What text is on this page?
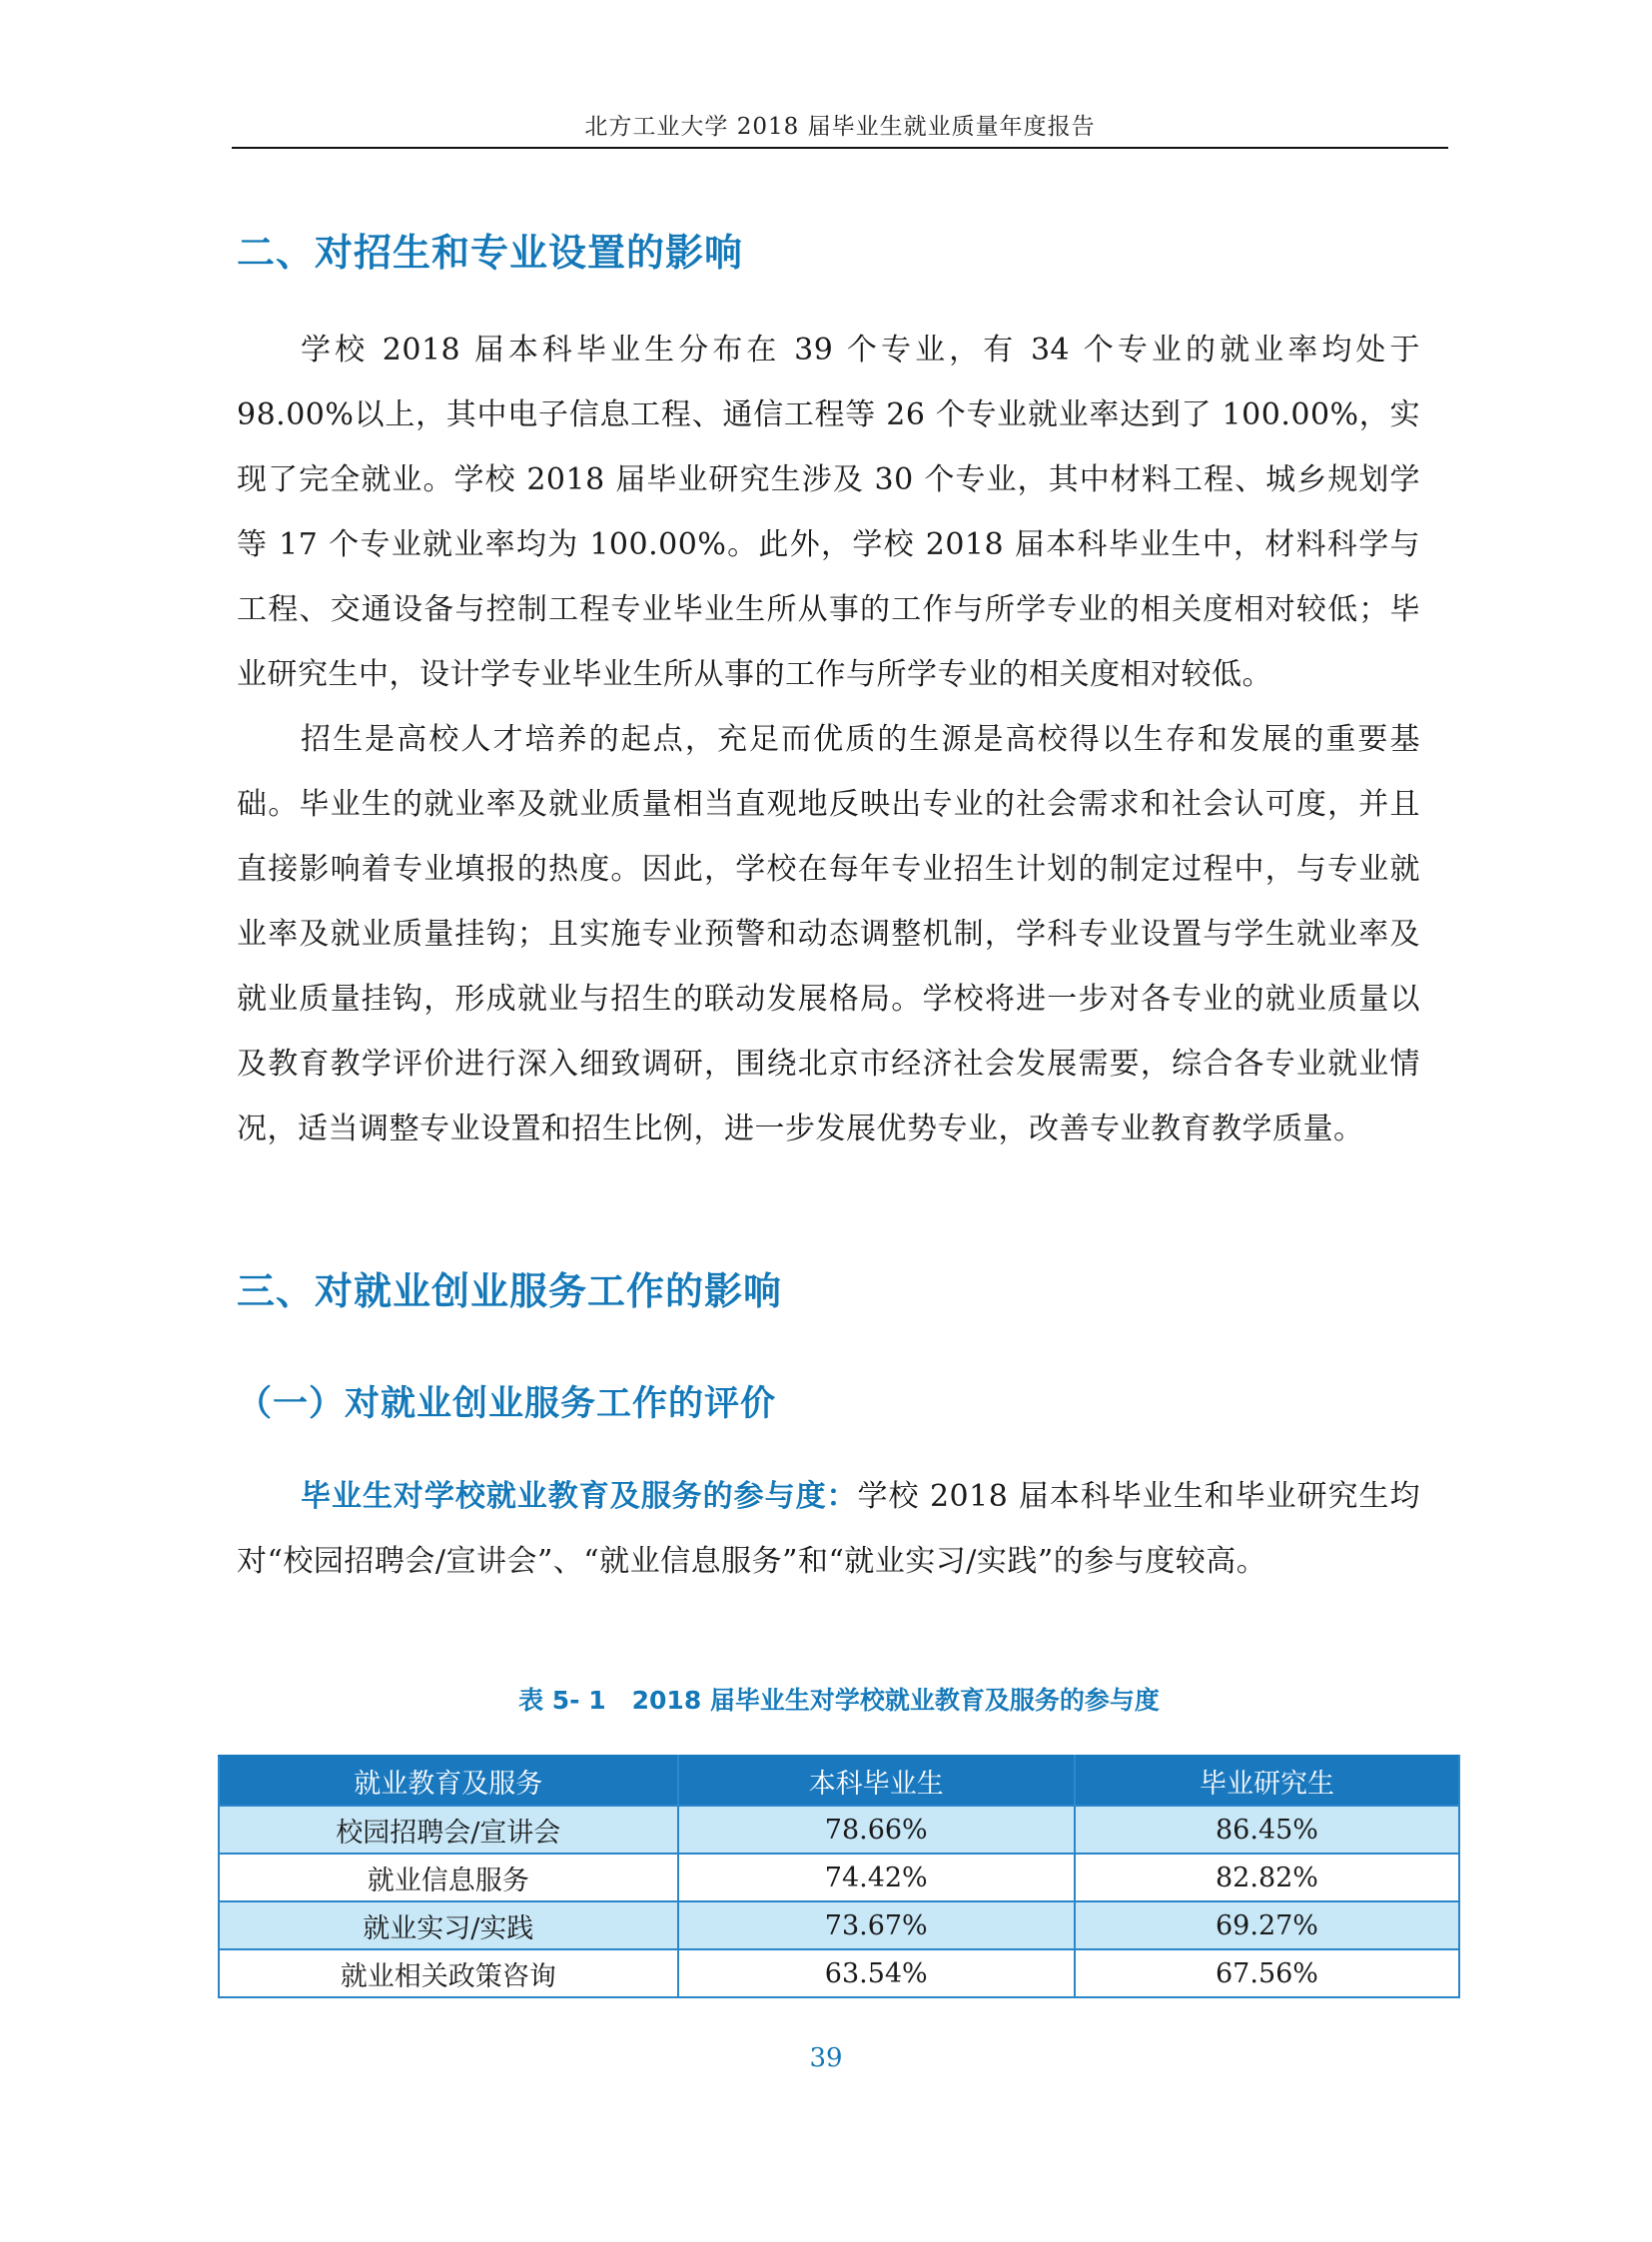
北方工业大学 2018 届毕业生就业质量年度报告
二、对招生和专业设置的影响

学校 2018 届本科毕业生分布在 39 个专业，有 34 个专业的就业率均处于 98.00%以上，其中电子信息工程、通信工程等 26 个专业就业率达到了 100.00%，实现了完全就业。学校 2018 届毕业研究生涉及 30 个专业，其中材料工程、城乡规划学等 17 个专业就业率均为 100.00%。此外，学校 2018 届本科毕业生中，材料科学与工程、交通设备与控制工程专业毕业生所从事的工作与所学专业的相关度相对较低；毕业研究生中，设计学专业毕业生所从事的工作与所学专业的相关度相对较低。

招生是高校人才培养的起点，充足而优质的生源是高校得以生存和发展的重要基础。毕业生的就业率及就业质量相当直观地反映出专业的社会需求和社会认可度，并且直接影响着专业填报的热度。因此，学校在每年专业招生计划的制定过程中，与专业就业率及就业质量挂钩；且实施专业预警和动态调整机制，学科专业设置与学生就业率及就业质量挂钩，形成就业与招生的联动发展格局。学校将进一步对各专业的就业质量以及教育教学评价进行深入细致调研，围绕北京市经济社会发展需要，综合各专业就业情况，适当调整专业设置和招生比例，进一步发展优势专业，改善专业教育教学质量。

三、对就业创业服务工作的影响
（一）对就业创业服务工作的评价

毕业生对学校就业教育及服务的参与度：学校 2018 届本科毕业生和毕业研究生均对“校园招聘会/宣讲会”、“就业信息服务”和“就业实习/实践”的参与度较高。

表 5- 1 2018 届毕业生对学校就业教育及服务的参与度
就业教育及服务	本科毕业生	毕业研究生
校园招聘会/宣讲会	78.66%	86.45%
就业信息服务	74.42%	82.82%
就业实习/实践	73.67%	69.27%
就业相关政策咨询	63.54%	67.56%
39
